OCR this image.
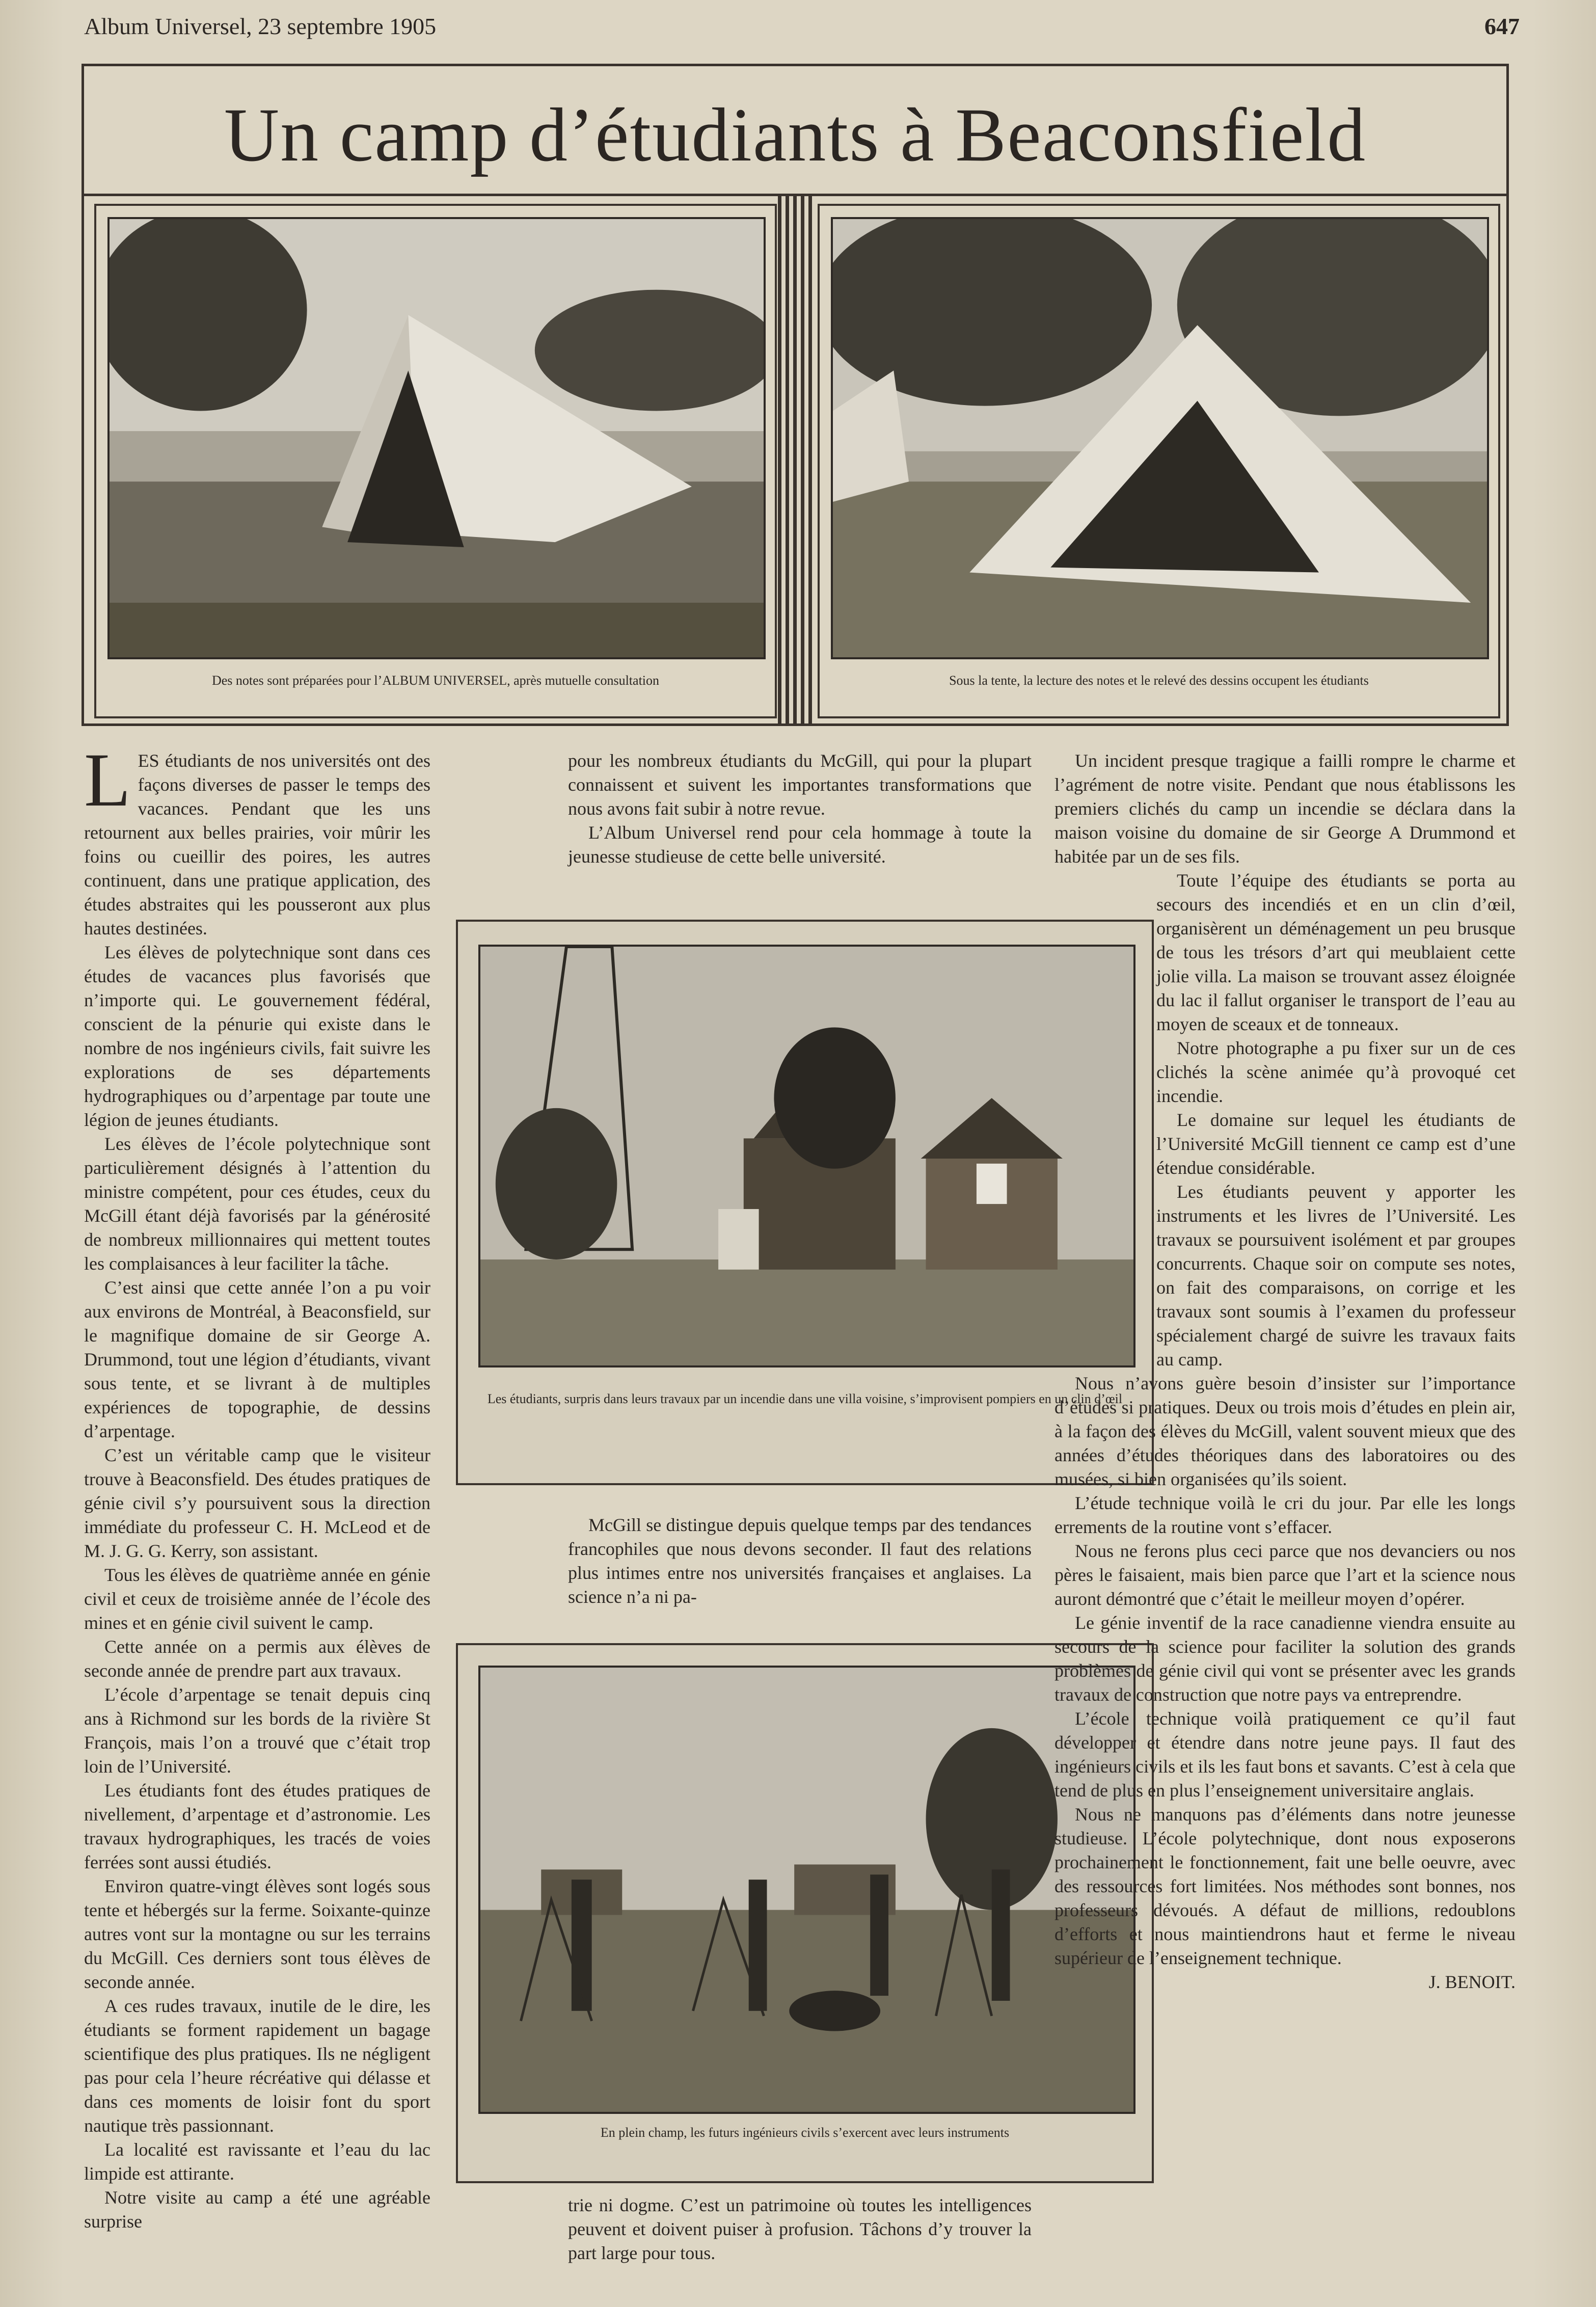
Album Universel, 23 septembre 1905	647
Un camp d’étudiants à Beaconsfield
Des notes sont préparées pour l’ALBUM UNIVERSEL, après mutuelle consultation	Sous la tente, la lecture des notes et le relevé des dessins occupent les étudiants

LES étudiants de nos universités ont des façons diverses de passer le temps des vacances. Pendant que les uns retournent aux belles prairies, voir mûrir les foins ou cueillir des poires, les autres continuent, dans une pratique application, des études abstraites qui les pousseront aux plus hautes destinées.

Les élèves de polytechnique sont dans ces études de vacances plus favorisés que n’importe qui. Le gouvernement fédéral, conscient de la pénurie qui existe dans le nombre de nos ingénieurs civils, fait suivre les explorations de ses départements hydrographiques ou d’arpentage par toute une légion de jeunes étudiants.

Les élèves de l’école polytechnique sont particulièrement désignés à l’attention du ministre compétent, pour ces études, ceux du McGill étant déjà favorisés par la générosité de nombreux millionnaires qui mettent toutes les complaisances à leur faciliter la tâche.

C’est ainsi que cette année l’on a pu voir aux environs de Montréal, à Beaconsfield, sur le magnifique domaine de sir George A. Drummond, tout une légion d’étudiants, vivant sous tente, et se livrant à de multiples expériences de topographie, de dessins d’arpentage.

C’est un véritable camp que le visiteur trouve à Beaconsfield. Des études pratiques de génie civil s’y poursuivent sous la direction immédiate du professeur C. H. McLeod et de M. J. G. G. Kerry, son assistant.

Tous les élèves de quatrième année en génie civil et ceux de troisième année de l’école des mines et en génie civil suivent le camp.

Cette année on a permis aux élèves de seconde année de prendre part aux travaux.

L’école d’arpentage se tenait depuis cinq ans à Richmond sur les bords de la rivière St François, mais l’on a trouvé que c’était trop loin de l’Université.

Les étudiants font des études pratiques de nivellement, d’arpentage et d’astronomie. Les travaux hydrographiques, les tracés de voies ferrées sont aussi étudiés.

Environ quatre-vingt élèves sont logés sous tente et hébergés sur la ferme. Soixante-quinze autres vont sur la montagne ou sur les terrains du McGill. Ces derniers sont tous élèves de seconde année.

A ces rudes travaux, inutile de le dire, les étudiants se forment rapidement un bagage scientifique des plus pratiques. Ils ne négligent pas pour cela l’heure récréative qui délasse et dans ces moments de loisir font du sport nautique très passionnant.

La localité est ravissante et l’eau du lac limpide est attirante.

Notre visite au camp a été une agréable surprise

pour les nombreux étudiants du McGill, qui pour la plupart connaissent et suivent les importantes transformations que nous avons fait subir à notre revue.

L’Album Universel rend pour cela hommage à toute la jeunesse studieuse de cette belle université.

Les étudiants, surpris dans leurs travaux par un incendie dans une villa voisine, s’improvisent pompiers en un clin d’œil

McGill se distingue depuis quelque temps par des tendances francophiles que nous devons seconder. Il faut des relations plus intimes entre nos universités françaises et anglaises. La science n’a ni pa-

En plein champ, les futurs ingénieurs civils s’exercent avec leurs instruments

trie ni dogme. C’est un patrimoine où toutes les intelligences peuvent et doivent puiser à profusion. Tâchons d’y trouver la part large pour tous.

Un incident presque tragique a failli rompre le charme et l’agrément de notre visite. Pendant que nous établissons les premiers clichés du camp un incendie se déclara dans la maison voisine du domaine de sir George A Drummond et habitée par un de ses fils.

Toute l’équipe des étudiants se porta au secours des incendiés et en un clin d’œil, organisèrent un déménagement un peu brusque de tous les trésors d’art qui meublaient cette jolie villa. La maison se trouvant assez éloignée du lac il fallut organiser le transport de l’eau au moyen de sceaux et de tonneaux.

Notre photographe a pu fixer sur un de ces clichés la scène animée qu’à provoqué cet incendie.

Le domaine sur lequel les étudiants de l’Université McGill tiennent ce camp est d’une étendue considérable.

Les étudiants peuvent y apporter les instruments et les livres de l’Université. Les travaux se poursuivent isolément et par groupes concurrents. Chaque soir on compute ses notes, on fait des comparaisons, on corrige et les travaux sont soumis à l’examen du professeur spécialement chargé de suivre les travaux faits au camp.

Nous n’avons guère besoin d’insister sur l’importance d’études si pratiques. Deux ou trois mois d’études en plein air, à la façon des élèves du McGill, valent souvent mieux que des années d’études théoriques dans des laboratoires ou des musées, si bien organisées qu’ils soient.

L’étude technique voilà le cri du jour. Par elle les longs errements de la routine vont s’effacer.

Nous ne ferons plus ceci parce que nos devanciers ou nos pères le faisaient, mais bien parce que l’art et la science nous auront démontré que c’était le meilleur moyen d’opérer.

Le génie inventif de la race canadienne viendra ensuite au secours de la science pour faciliter la solution des grands problèmes de génie civil qui vont se présenter avec les grands travaux de construction que notre pays va entreprendre.

L’école technique voilà pratiquement ce qu’il faut développer et étendre dans notre jeune pays. Il faut des ingénieurs civils et ils les faut bons et savants. C’est à cela que tend de plus en plus l’enseignement universitaire anglais.

Nous ne manquons pas d’éléments dans notre jeunesse studieuse. L’école polytechnique, dont nous exposerons prochainement le fonctionnement, fait une belle oeuvre, avec des ressources fort limitées. Nos méthodes sont bonnes, nos professeurs dévoués. A défaut de millions, redoublons d’efforts et nous maintiendrons haut et ferme le niveau supérieur de l’enseignement technique.

J. BENOIT.
